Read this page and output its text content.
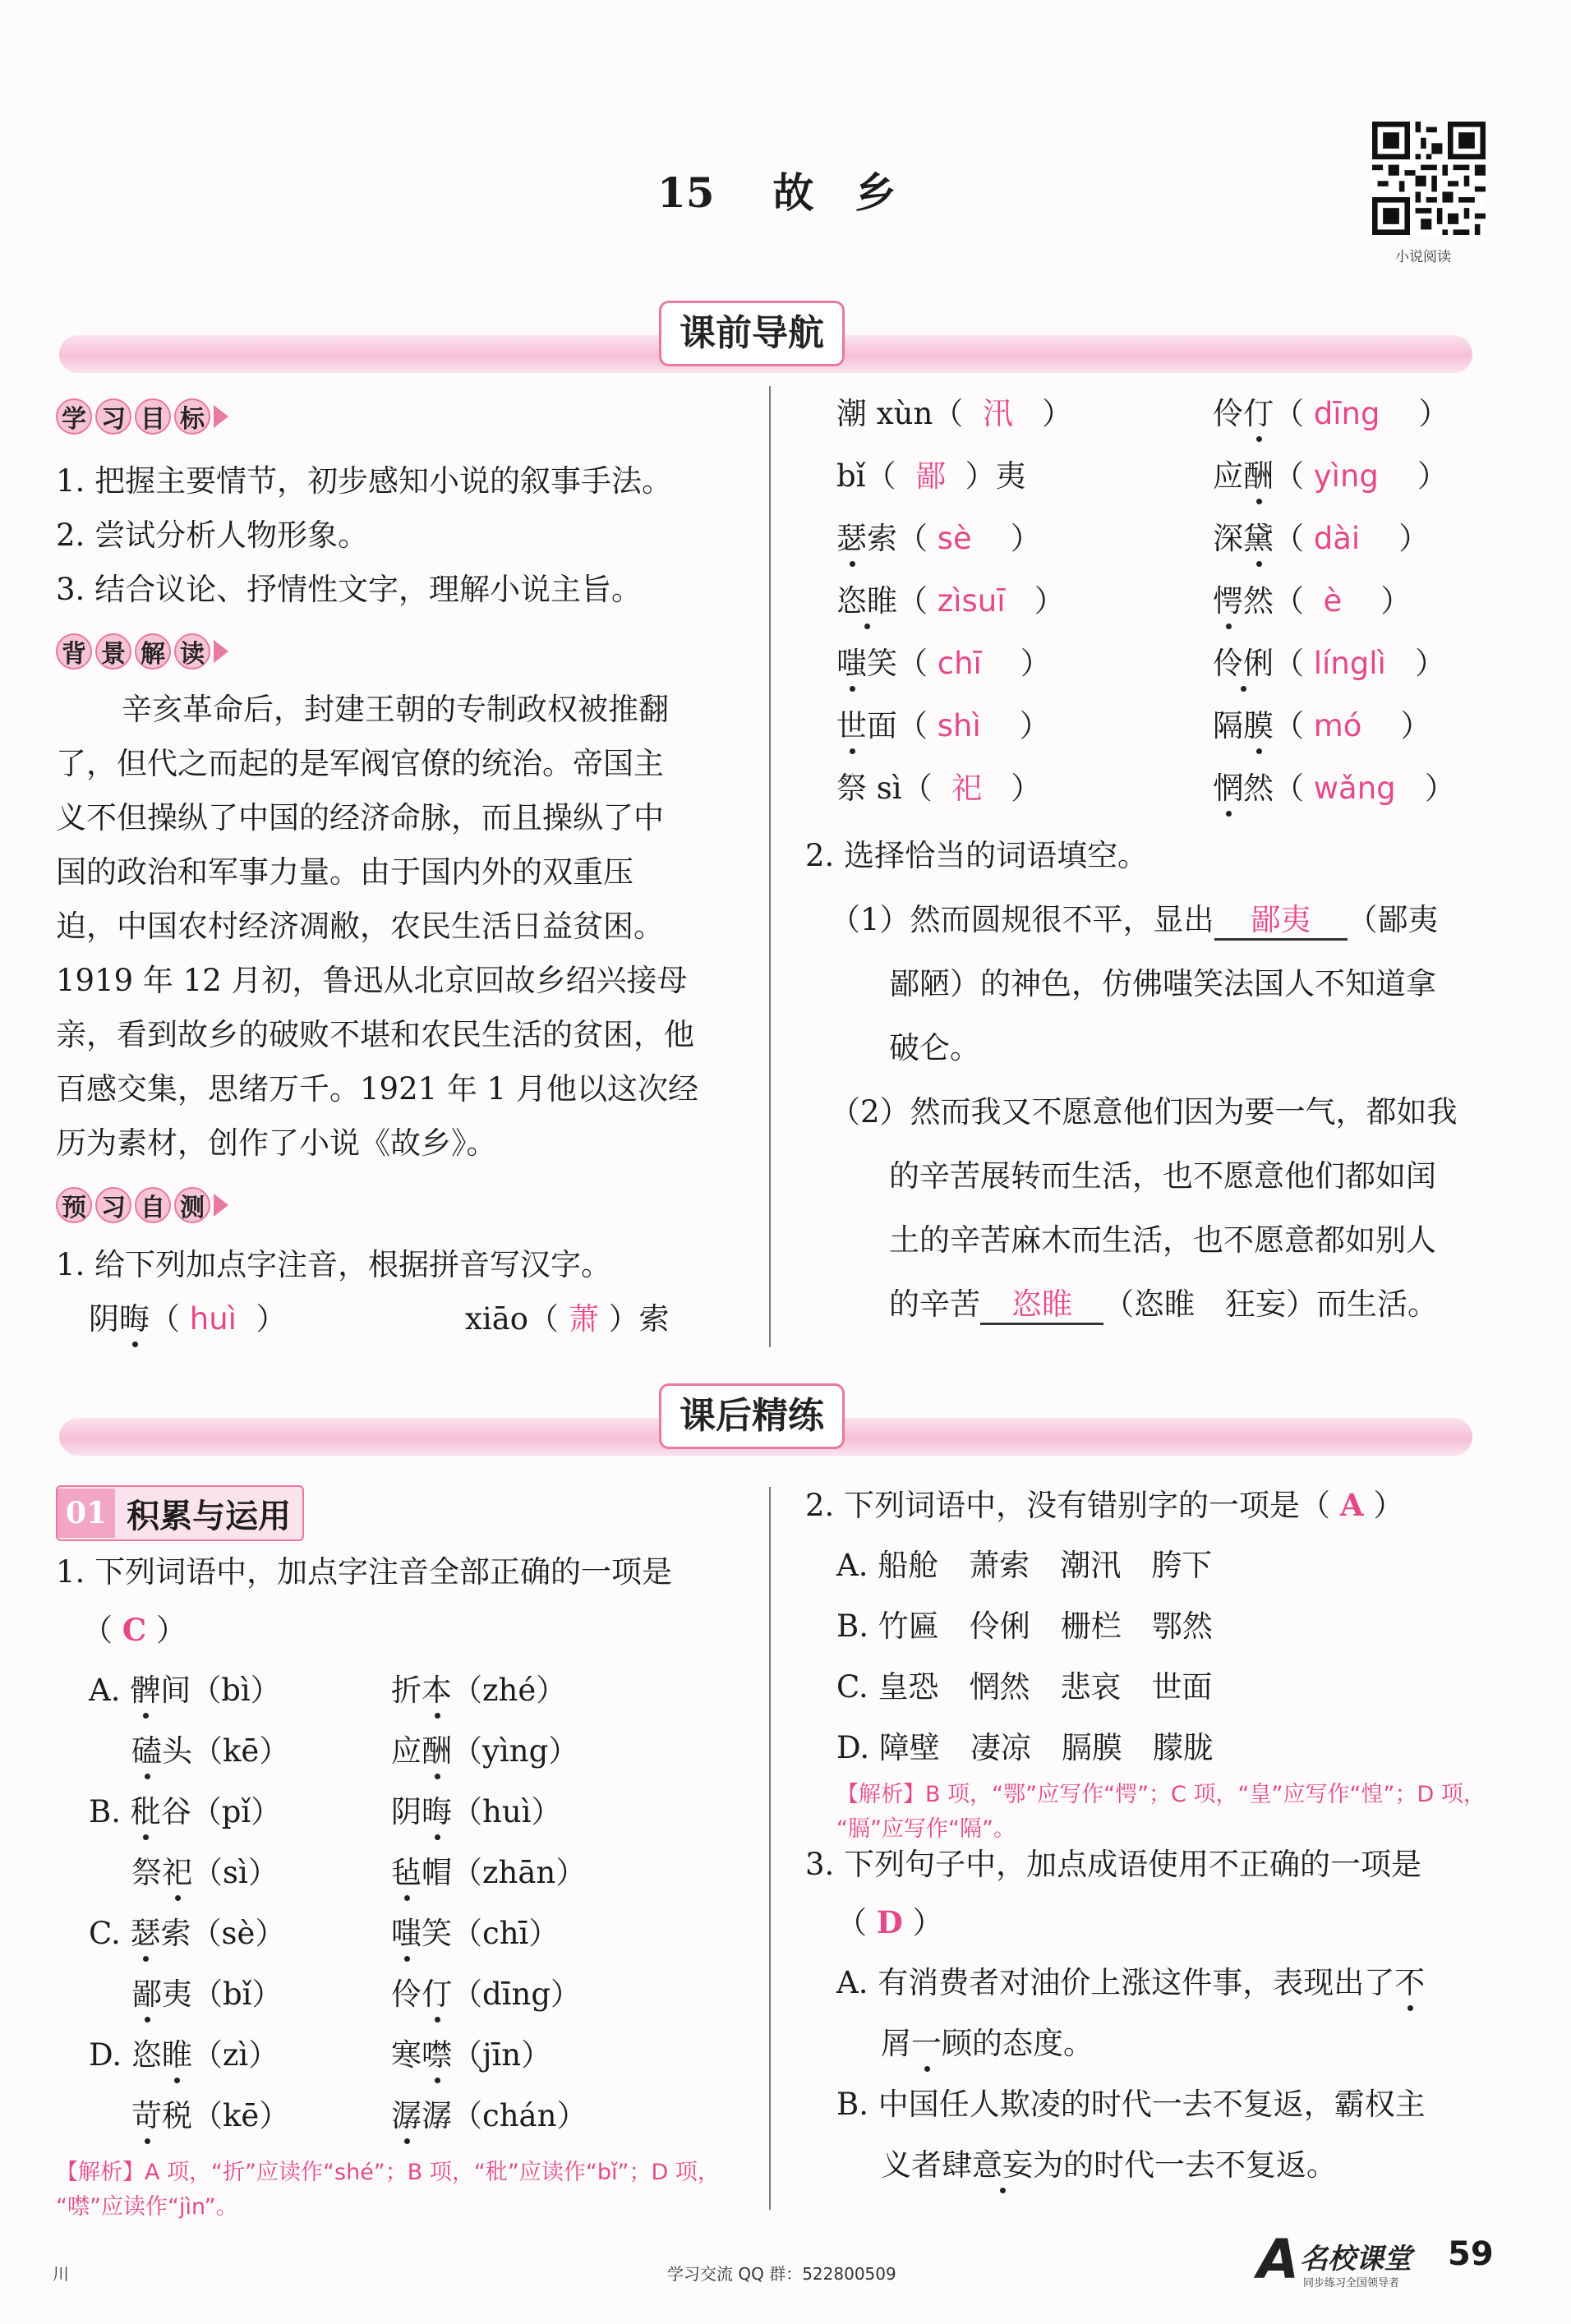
15 故　乡
小说阅读
课前导航
学 习 目 标
1. 把握主要情节，初步感知小说的叙事手法。
2. 尝试分析人物形象。
3. 结合议论、抒情性文字，理解小说主旨。
背 景 解 读
辛亥革命后，封建王朝的专制政权被推翻
了，但代之而起的是军阀官僚的统治。帝国主
义不但操纵了中国的经济命脉，而且操纵了中
国的政治和军事力量。由于国内外的双重压
迫，中国农村经济凋敝，农民生活日益贫困。
1919 年 12 月初，鲁迅从北京回故乡绍兴接母
亲，看到故乡的破败不堪和农民生活的贫困，他
百感交集，思绪万千。1921 年 1 月他以这次经
历为素材，创作了小说《故乡》。
预 习 自 测
1. 给下列加点字注音，根据拼音写汉字。
阴晦（ huì ）	xiāo（ 萧 ）索
潮 xùn（ 汛 ）	伶仃（ dīng ）
bǐ（ 鄙 ）夷	应酬（ yìng ）
瑟索（ sè ）	深黛（ dài ）
恣睢（ zìsuī ）	愕然（ è ）
嗤笑（ chī ）	伶俐（ línglì ）
世面（ shì ）	隔膜（ mó ）
祭 sì（ 祀 ）	惘然（ wǎng ）
2. 选择恰当的词语填空。
（1）然而圆规很不平，显出 鄙夷 （鄙夷
鄙陋）的神色，仿佛嗤笑法国人不知道拿
破仑。
（2）然而我又不愿意他们因为要一气，都如我
的辛苦展转而生活，也不愿意他们都如闰
土的辛苦麻木而生活，也不愿意都如别人
的辛苦 恣睢 （恣睢　狂妄）而生活。
课后精练
01 积累与运用
1. 下列词语中，加点字注音全部正确的一项是
（ C ）
A. 髀间（bì）	折本（zhé）
磕头（kē）	应酬（yìng）
B. 秕谷（pǐ）	阴晦（huì）
祭祀（sì）	毡帽（zhān）
C. 瑟索（sè）	嗤笑（chī）
鄙夷（bǐ）	伶仃（dīng）
D. 恣睢（zì）	寒噤（jīn）
苛税（kē）	潺潺（chán）
【解析】A 项，“折”应读作“shé”；B 项，“秕”应读作“bǐ”；D 项，
“噤”应读作“jìn”。
2. 下列词语中，没有错别字的一项是（ A ）
A. 船舱　萧索　潮汛　胯下
B. 竹匾　伶俐　栅栏　鄂然
C. 皇恐　惘然　悲哀　世面
D. 障壁　凄凉　膈膜　朦胧
【解析】B 项，“鄂”应写作“愕”；C 项，“皇”应写作“惶”；D 项，
“膈”应写作“隔”。
3. 下列句子中，加点成语使用不正确的一项是
（ D ）
A. 有消费者对油价上涨这件事，表现出了不
屑一顾的态度。
B. 中国任人欺凌的时代一去不复返，霸权主
义者肆意妄为的时代一去不复返。
川	学习交流 QQ 群：522800509	A 名校课堂
同步练习全国领导者
59
